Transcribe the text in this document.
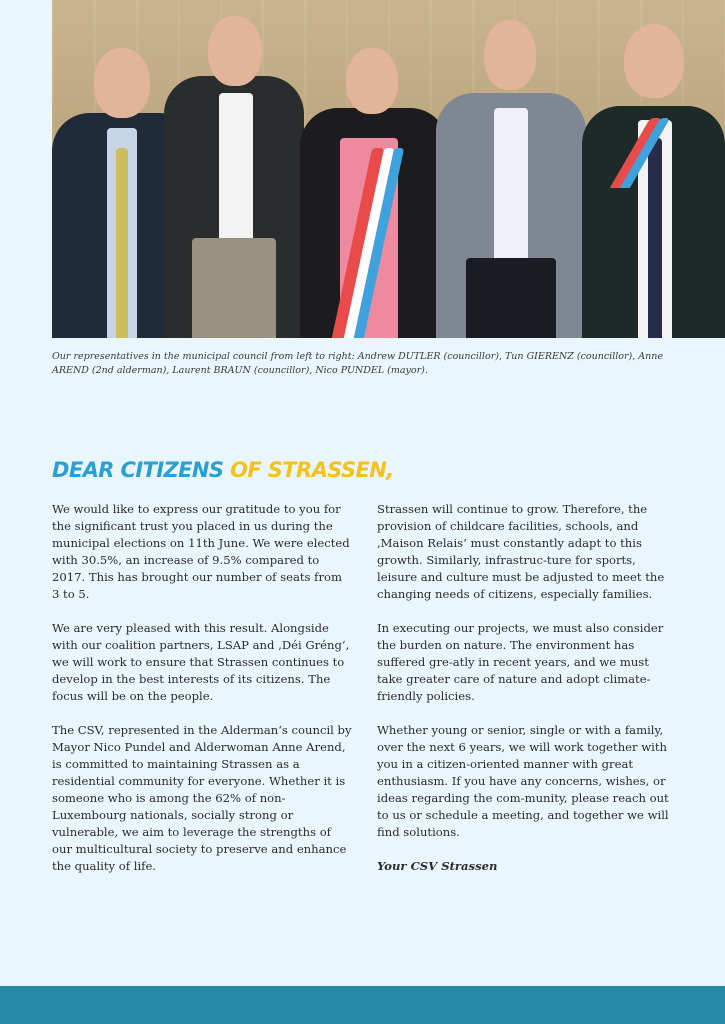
Our representatives in the municipal council from left to right: Andrew DUTLER (councillor), Tun GIERENZ (councillor), Anne AREND (2nd alderman), Laurent BRAUN (councillor), Nico PUNDEL (mayor).
DEAR CITIZENS OF STRASSEN,

We would like to express our gratitude to you for the significant trust you placed in us during the municipal elections on 11th June. We were elected with 30.5%, an increase of 9.5% compared to 2017. This has brought our number of seats from 3 to 5.

We are very pleased with this result. Alongside with our coalition partners, LSAP and ‚Déi Gréng‘, we will work to ensure that Strassen continues to develop in the best interests of its citizens. The focus will be on the people.

The CSV, represented in the Alderman‘s council by Mayor Nico Pundel and Alderwoman Anne Arend, is committed to maintaining Strassen as a residential community for everyone. Whether it is someone who is among the 62% of non-Luxembourg nationals, socially strong or vulnerable, we aim to leverage the strengths of our multicultural society to preserve and enhance the quality of life.

Strassen will continue to grow. Therefore, the provision of childcare facilities, schools, and ‚Maison Relais‘ must constantly adapt to this growth. Similarly, infrastruc-ture for sports, leisure and culture must be adjusted to meet the changing needs of citizens, especially families.

In executing our projects, we must also consider the burden on nature. The environment has suffered gre-atly in recent years, and we must take greater care of nature and adopt climate-friendly policies.

Whether young or senior, single or with a family, over the next 6 years, we will work together with you in a citizen-oriented manner with great enthusiasm. If you have any concerns, wishes, or ideas regarding the com-munity, please reach out to us or schedule a meeting, and together we will find solutions.

Your CSV Strassen
